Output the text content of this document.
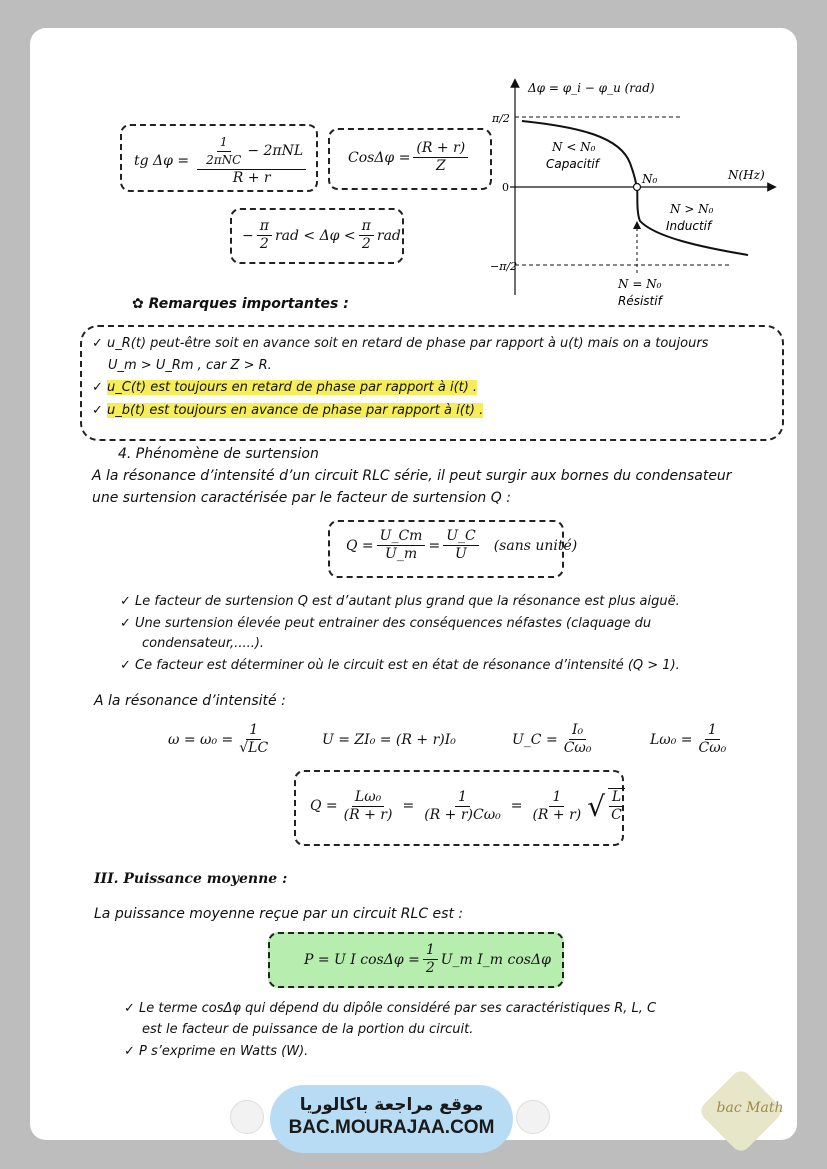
tg $\Delta\varphi = \frac{\frac{1}{\text{2πNC}} - 2\pi NL}{R + r}$	$Cos\Delta\varphi = \frac{(R + r)}{Z}$
− $\frac{\pi}{2}$ rad < $\Delta\varphi < \frac{\pi}{2}$ rad
Δφ = φ_i − φ_u (rad)
N(Hz)
π/2
0
−π/2
N < N₀
Capacitif
N > N₀
Inductif
N₀
N = N₀
Résistif
✿ Remarques importantes :
✓ u_R(t) peut-être soit en avance soit en retard de phase par rapport à u(t) mais on a toujours
U_m > U_Rm , car Z > R.
✓ u_C(t) est toujours en retard de phase par rapport à i(t) .
✓ u_b(t) est toujours en avance de phase par rapport à i(t) .
4. Phénomène de surtension
A la résonance d’intensité d’un circuit RLC série, il peut surgir aux bornes du condensateur
une surtension caractérisée par le facteur de surtension Q :
$Q = \frac{U\_Cm}{U\_m} = \frac{U\_C}{U}$ (sans unité)
✓ Le facteur de surtension Q est d’autant plus grand que la résonance est plus aiguë.
✓ Une surtension élevée peut entrainer des conséquences néfastes (claquage du
condensateur,.....).
✓ Ce facteur est déterminer où le circuit est en état de résonance d’intensité (Q > 1).
A la résonance d’intensité :
$\omega = \omega_0 = \frac{1}{√LC}$	U = ZI₀ = (R + r)I₀	U_C = $\frac{\text{I₀}}{\text{Cω₀}}$	$L\omega_0 = \frac{1}{\text{Cω₀}}$
$Q = \frac{\text{Lω₀}}{(R + r)} = \frac{1}{\text{(R + r)Cω₀}} = \frac{1}{(R + r)}$ √ $\frac{L}{C}$
III. Puissance moyenne :
La puissance moyenne reçue par un circuit RLC est :
P = U I $\cos\Delta\varphi = \frac{1}{2}$ U_m I_m cosΔφ
✓ Le terme cosΔφ qui dépend du dipôle considéré par ses caractéristiques R, L, C
est le facteur de puissance de la portion du circuit.
✓ P s’exprime en Watts (W).
موقع مراجعة باكالوريا
BAC.MOURAJAA.COM
bac Math
